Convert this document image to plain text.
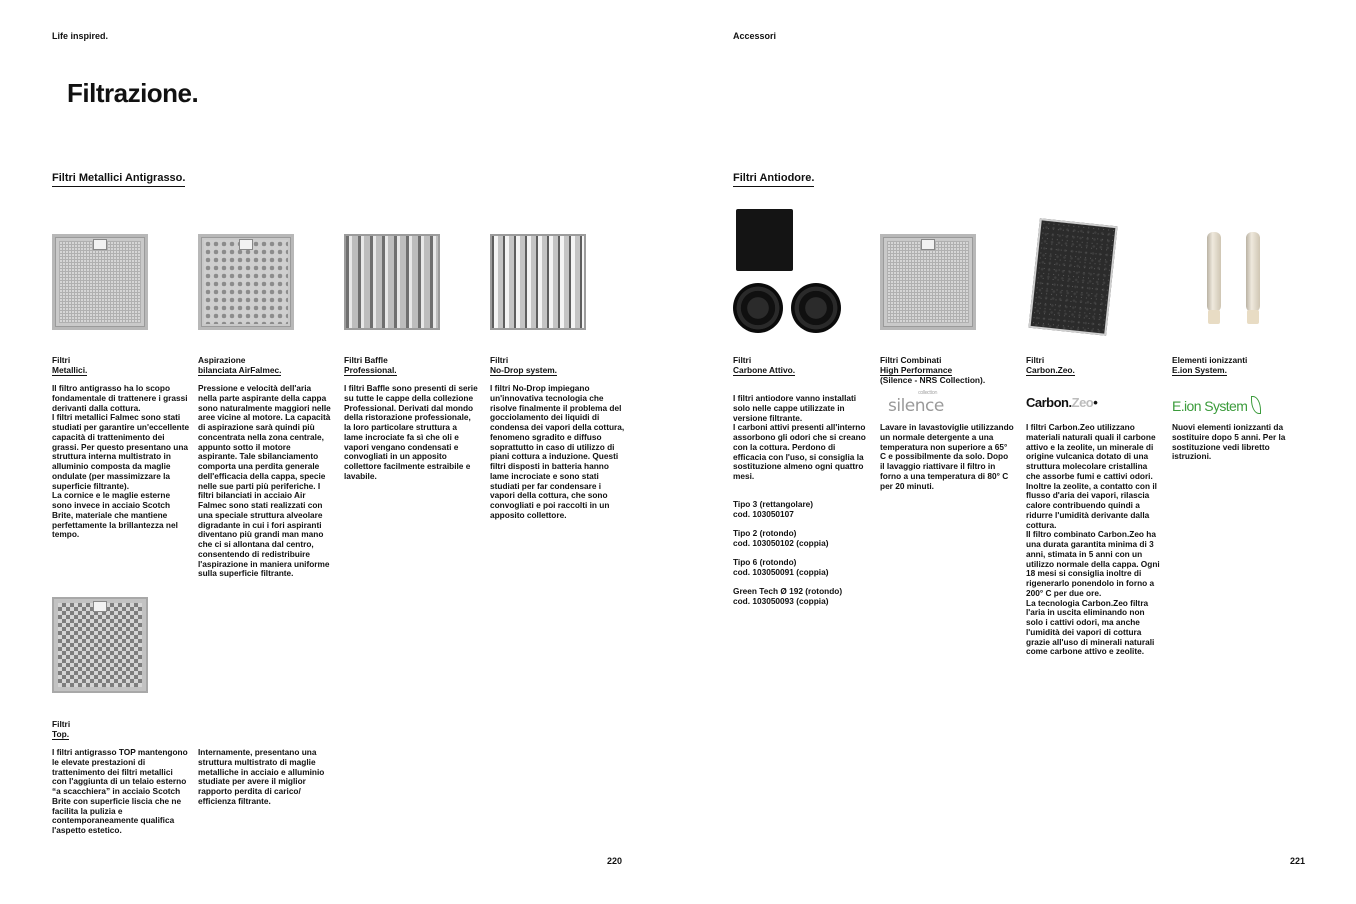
Life inspired.	Accessori
Filtrazione.
Filtri Metallici Antigrasso.	Filtri Antiodore.
Filtri
Metallici.

Il filtro antigrasso ha lo scopo fondamentale di trattenere i grassi derivanti dalla cottura.
I filtri metallici Falmec sono stati studiati per garantire un'eccellente capacità di trattenimento dei grassi. Per questo presentano una struttura interna multistrato in alluminio composta da maglie ondulate (per massimizzare la superficie filtrante).
La cornice e le maglie esterne sono invece in acciaio Scotch Brite, materiale che mantiene perfettamente la brillantezza nel tempo.

Aspirazione
bilanciata AirFalmec.

Pressione e velocità dell'aria nella parte aspirante della cappa sono naturalmente maggiori nelle aree vicine al motore. La capacità di aspirazione sarà quindi più concentrata nella zona centrale, appunto sotto il motore aspirante. Tale sbilanciamento comporta una perdita generale dell'efficacia della cappa, specie nelle sue parti più periferiche. I filtri bilanciati in acciaio Air Falmec sono stati realizzati con una speciale struttura alveolare digradante in cui i fori aspiranti diventano più grandi man mano che ci si allontana dal centro, consentendo di redistribuire l'aspirazione in maniera uniforme sulla superficie filtrante.

Filtri Baffle
Professional.

I filtri Baffle sono presenti di serie su tutte le cappe della collezione Professional. Derivati dal mondo della ristorazione professionale, la loro particolare struttura a lame incrociate fa sì che oli e vapori vengano condensati e convogliati in un apposito collettore facilmente estraibile e lavabile.

Filtri
No-Drop system.

I filtri No-Drop impiegano un'innovativa tecnologia che risolve finalmente il problema del gocciolamento dei liquidi di condensa dei vapori della cottura, fenomeno sgradito e diffuso soprattutto in caso di utilizzo di piani cottura a induzione. Questi filtri disposti in batteria hanno lame incrociate e sono stati studiati per far condensare i vapori della cottura, che sono convogliati e poi raccolti in un apposito collettore.

Filtri
Top.

I filtri antigrasso TOP mantengono le elevate prestazioni di trattenimento dei filtri metallici con l'aggiunta di un telaio esterno “a scacchiera” in acciaio Scotch Brite con superficie liscia che ne facilita la pulizia e contemporaneamente qualifica l'aspetto estetico.

Internamente, presentano una struttura multistrato di maglie metalliche in acciaio e alluminio studiate per avere il miglior rapporto perdita di carico/ efficienza filtrante.

Filtri
Carbone Attivo.

I filtri antiodore vanno installati solo nelle cappe utilizzate in versione filtrante.
I carboni attivi presenti all'interno assorbono gli odori che si creano con la cottura. Perdono di efficacia con l'uso, si consiglia la sostituzione almeno ogni quattro mesi.

Tipo 3 (rettangolare)
cod. 103050107
Tipo 2 (rotondo)
cod. 103050102 (coppia)
Tipo 6 (rotondo)
cod. 103050091 (coppia)
Green Tech Ø 192 (rotondo)
cod. 103050093 (coppia)
Filtri Combinati
High Performance
(Silence - NRS Collection).
collection
silence

Lavare in lavastoviglie utilizzando un normale detergente a una temperatura non superiore a 65° C e possibilmente da solo. Dopo il lavaggio riattivare il filtro in forno a una temperatura di 80° C per 20 minuti.

Filtri
Carbon.Zeo.
Carbon.Zeo•

I filtri Carbon.Zeo utilizzano materiali naturali quali il carbone attivo e la zeolite, un minerale di origine vulcanica dotato di una struttura molecolare cristallina che assorbe fumi e cattivi odori. Inoltre la zeolite, a contatto con il flusso d'aria dei vapori, rilascia calore contribuendo quindi a ridurre l'umidità derivante dalla cottura.
Il filtro combinato Carbon.Zeo ha una durata garantita minima di 3 anni, stimata in 5 anni con un utilizzo normale della cappa. Ogni 18 mesi si consiglia inoltre di rigenerarlo ponendolo in forno a 200° C per due ore.
La tecnologia Carbon.Zeo filtra l'aria in uscita eliminando non solo i cattivi odori, ma anche l'umidità dei vapori di cottura grazie all'uso di minerali naturali come carbone attivo e zeolite.

Elementi ionizzanti
E.ion System.
E.ion System

Nuovi elementi ionizzanti da sostituire dopo 5 anni. Per la sostituzione vedi libretto istruzioni.

220	221
